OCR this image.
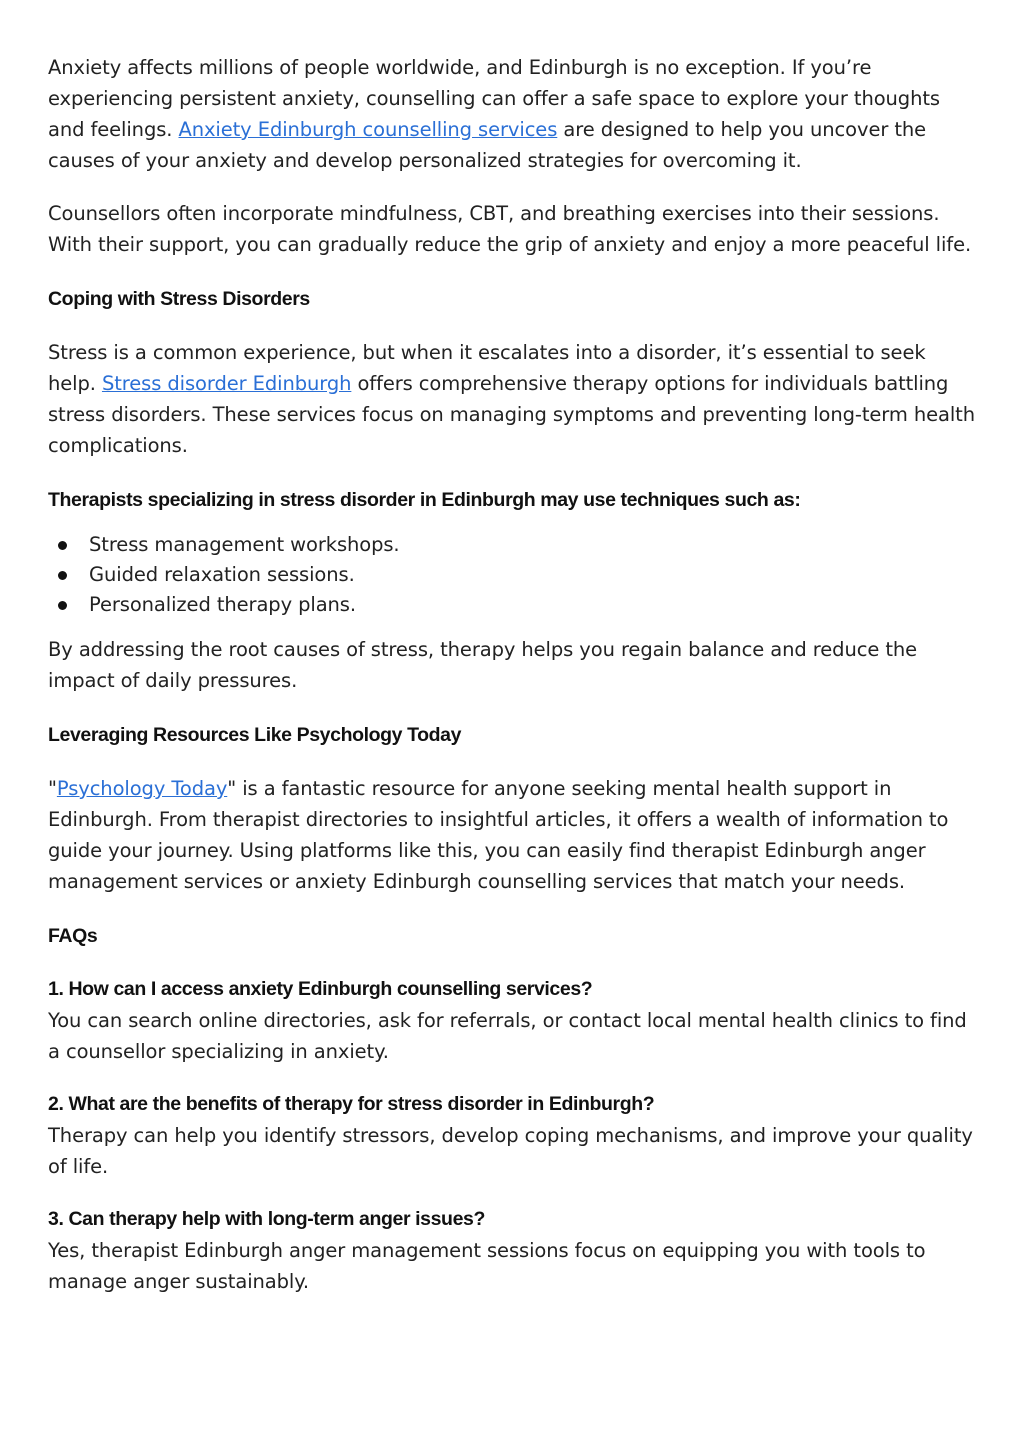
Anxiety affects millions of people worldwide, and Edinburgh is no exception. If you’re experiencing persistent anxiety, counselling can offer a safe space to explore your thoughts and feelings. Anxiety Edinburgh counselling services are designed to help you uncover the causes of your anxiety and develop personalized strategies for overcoming it.

Counsellors often incorporate mindfulness, CBT, and breathing exercises into their sessions. With their support, you can gradually reduce the grip of anxiety and enjoy a more peaceful life.

Coping with Stress Disorders

Stress is a common experience, but when it escalates into a disorder, it’s essential to seek help. Stress disorder Edinburgh offers comprehensive therapy options for individuals battling stress disorders. These services focus on managing symptoms and preventing long-term health complications.

Therapists specializing in stress disorder in Edinburgh may use techniques such as:
Stress management workshops.
Guided relaxation sessions.
Personalized therapy plans.

By addressing the root causes of stress, therapy helps you regain balance and reduce the impact of daily pressures.

Leveraging Resources Like Psychology Today

"Psychology Today" is a fantastic resource for anyone seeking mental health support in Edinburgh. From therapist directories to insightful articles, it offers a wealth of information to guide your journey. Using platforms like this, you can easily find therapist Edinburgh anger management services or anxiety Edinburgh counselling services that match your needs.

FAQs
1. How can I access anxiety Edinburgh counselling services?

You can search online directories, ask for referrals, or contact local mental health clinics to find a counsellor specializing in anxiety.

2. What are the benefits of therapy for stress disorder in Edinburgh?

Therapy can help you identify stressors, develop coping mechanisms, and improve your quality of life.

3. Can therapy help with long-term anger issues?

Yes, therapist Edinburgh anger management sessions focus on equipping you with tools to manage anger sustainably.
